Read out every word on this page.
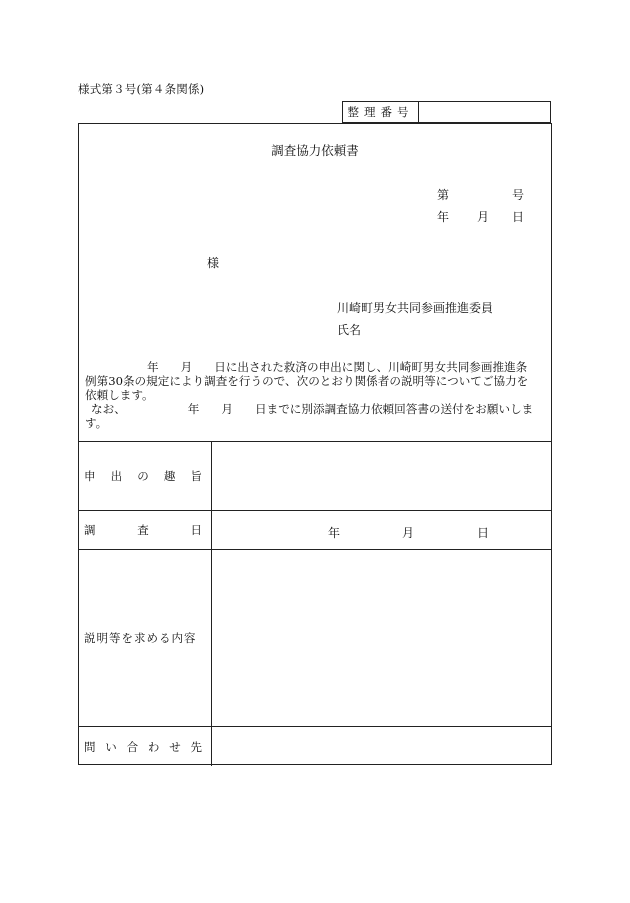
様式第３号(第４条関係)
整理番号
調査協力依頼書
第	号
年 月 日
様
川崎町男女共同参画推進委員
氏名
年 月 日に出された救済の申出に関し、川崎町男女共同参画推進条
例第30条の規定により調査を行うので、次のとおり関係者の説明等についてご協力を
依頼します。
なお、	年 月 日までに別添調査協力依頼回答書の送付をお願いしま
す。
申 出 の 趣 旨
調	査	日	年	月	日
説 明 等 を 求 め る 内 容
問 い 合 わ せ 先
